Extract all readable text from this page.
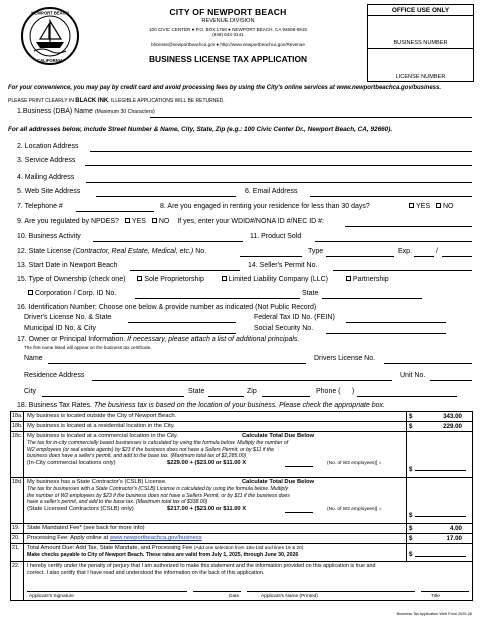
NEWPORT BEACH
CALIFORNIA
CITY OF NEWPORT BEACH
REVENUE DIVISION
100 CIVIC CENTER ● P.O. BOX 1768 ● NEWPORT BEACH, CA 92658-8915
(949) 644-3141
blicense@newportbeachca.gov ● http://www.newportbeachca.gov/Revenue
BUSINESS LICENSE TAX APPLICATION
OFFICE USE ONLY
BUSINESS NUMBER
LICENSE NUMBER
For your convenience, you may pay by credit card and avoid processing fees by using the City's online services at www.newportbeachca.gov/business.
PLEASE PRINT CLEARLY IN BLACK INK. ILLEGIBLE APPLICATIONS WILL BE RETURNED.
1.Business (DBA) Name (Maximum 30 Characters)
For all addresses below, include Street Number & Name, City, State, Zip (e.g.: 100 Civic Center Dr., Newport Beach, CA, 92660).
2. Location Address
3. Service Address
4. Mailing Address
5. Web Site Address	6. Email Address
7. Telephone #	8. Are you engaged in renting your residence for less than 30 days?	YES NO
9. Are you regulated by NPDES? YES NO If yes, enter your WDID#/NONA ID #/NEC ID #:
10. Business Activity	11. Product Sold
12. State License (Contractor, Real Estate, Medical, etc.) No.	Type	Exp.	/
13. Start Date in Newport Beach	14. Seller's Permit No.
15. Type of Ownership (check one)	Sole Proprietorship	Limited Liability Company (LLC)	Partnership
Corporation / Corp. ID No.	State
16. Identification Number: Choose one below & provide number as indicated (Not Public Record)
Driver's License No. & State	Federal Tax ID No. (FEIN)
Municipal ID No. & City	Social Security No.
17. Owner or Principal Information. If necessary, please attach a list of additional principals.
The first name listed will appear on the business tax certificate.
Name	Drivers License No.
Residence Address	Unit No.
City	State	Zip	Phone ( )
18. Business Tax Rates. The business tax is based on the location of your business. Please check the appropriate box.
18a. My business is located outside the City of Newport Beach.	$	343.00
18b. My business is located at a residential location in the City.	$	229.00
18c. My business is located at a commercial location in the City.	Calculate Total Due Below
The tax for in-city commercially based businesses is calculated by using the formula below. Multiply the number of
W2 employees (or real estate agents) by $23 if the business does not have a Sellers Permit, or by $11 if the
business does have a seller's permit, and add to the base tax. (Maximum total tax of $2,285.00)
(In-City commercial locations only)	$229.00 + ($23.00 or $11.00 X	(No. of W2 employees)] =
$
18d. My business has a State Contractor's (CSLB) License.	Calculate Total Due Below
The tax for businesses with a State Contractor's (CSLB) License is calculated by using the formula below. Multiply
the number of W2 employees by $23 if the business does not have a Sellers Permit, or by $11 if the business does
have a seller's permit, and add to the base tax. (Maximum total tax of $338.00)
(State Licensed Contractors (CSLB) only)	$217.00 + ($23.00 or $11.00 X	(No. of W2 employees)] =
$
19.	State Mandated Fee* (see back for more info)	$	4.00
20.	Processing Fee: Apply online at www.newportbeachca.gov/business	$	17.00
21.	Total Amount Due: Add Tax, State Mandate, and Processing Fee (Add one selection from 18a-18d and lines 19 & 20)
Make checks payable to City of Newport Beach. These rates are valid from July 1, 2025, through June 30, 2026	$
22.	I hereby certify under the penalty of perjury that I am authorized to make this statement and the information provided on this application is true and
correct. I also certify that I have read and understood the information on the back of this application.
Applicant's Signature	Date	Applicant's Name (Printed)	Title
Business Tax Application Web Form 2025-26
